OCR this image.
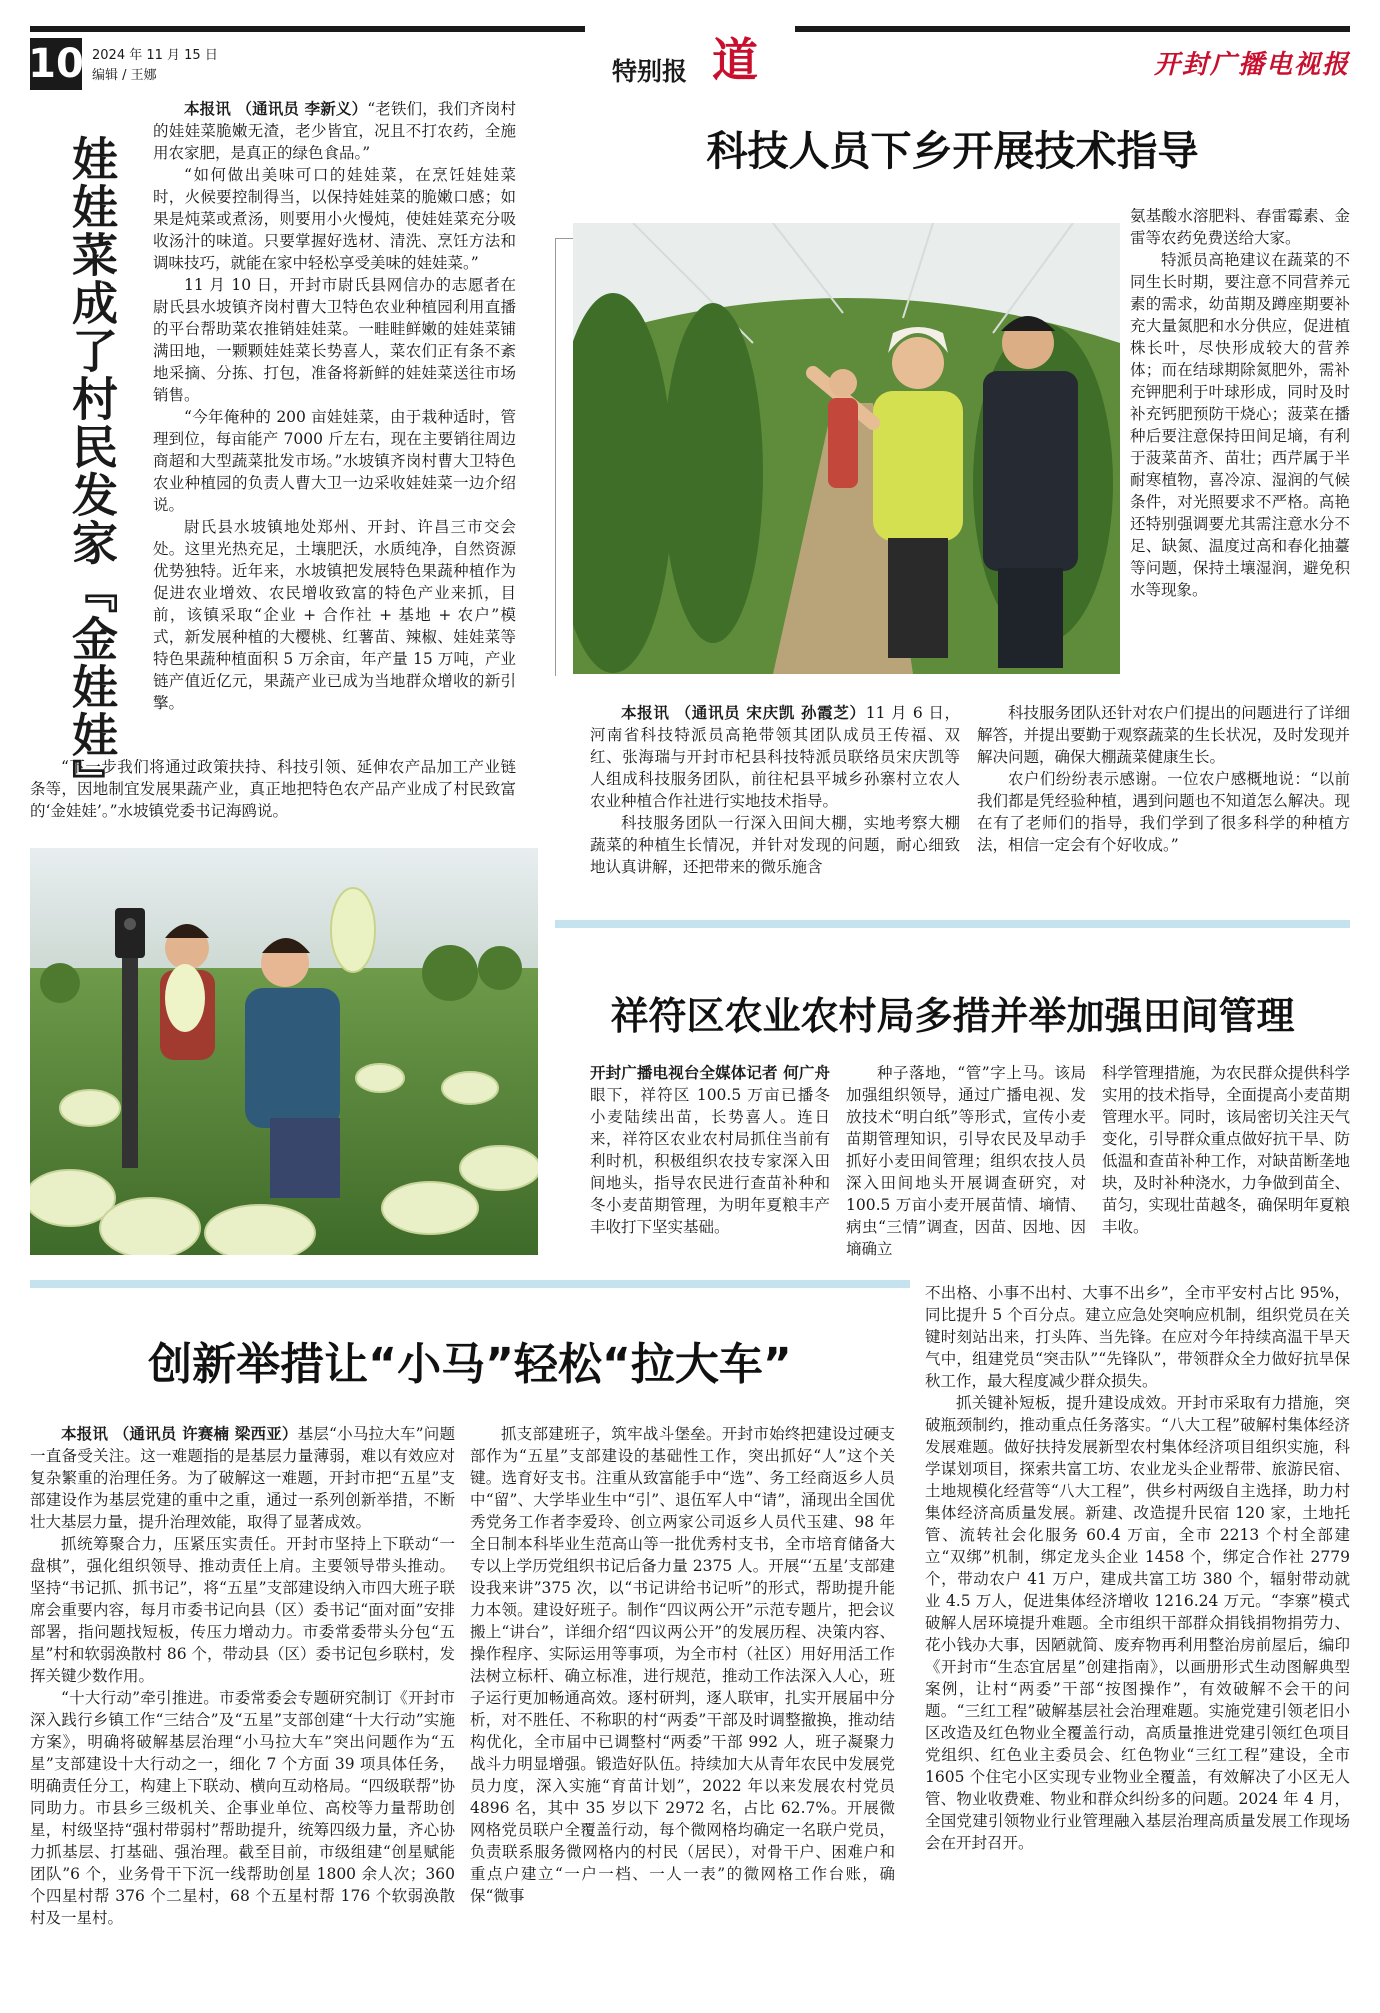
10 2024 年 11 月 15 日
编辑 / 王娜	特别报 道	开封广播电视报
娃娃菜成了村民发家『金娃娃』

本报讯 （通讯员 李新义）“老铁们，我们齐岗村的娃娃菜脆嫩无渣，老少皆宜，况且不打农药，全施用农家肥，是真正的绿色食品。”

“如何做出美味可口的娃娃菜，在烹饪娃娃菜时，火候要控制得当，以保持娃娃菜的脆嫩口感；如果是炖菜或煮汤，则要用小火慢炖，使娃娃菜充分吸收汤汁的味道。只要掌握好选材、清洗、烹饪方法和调味技巧，就能在家中轻松享受美味的娃娃菜。”

11 月 10 日，开封市尉氏县网信办的志愿者在尉氏县水坡镇齐岗村曹大卫特色农业种植园利用直播的平台帮助菜农推销娃娃菜。一畦畦鲜嫩的娃娃菜铺满田地，一颗颗娃娃菜长势喜人，菜农们正有条不紊地采摘、分拣、打包，准备将新鲜的娃娃菜送往市场销售。

“今年俺种的 200 亩娃娃菜，由于栽种适时，管理到位，每亩能产 7000 斤左右，现在主要销往周边商超和大型蔬菜批发市场。”水坡镇齐岗村曹大卫特色农业种植园的负责人曹大卫一边采收娃娃菜一边介绍说。

尉氏县水坡镇地处郑州、开封、许昌三市交会处。这里光热充足，土壤肥沃，水质纯净，自然资源优势独特。近年来，水坡镇把发展特色果蔬种植作为促进农业增效、农民增收致富的特色产业来抓，目前，该镇采取“企业 + 合作社 + 基地 + 农户”模式，新发展种植的大樱桃、红薯苗、辣椒、娃娃菜等特色果蔬种植面积 5 万余亩，年产量 15 万吨，产业链产值近亿元，果蔬产业已成为当地群众增收的新引擎。

“下一步我们将通过政策扶持、科技引领、延伸农产品加工产业链条等，因地制宜发展果蔬产业，真正地把特色农产品产业成了村民致富的‘金娃娃’。”水坡镇党委书记海鸥说。

科技人员下乡开展技术指导

氨基酸水溶肥料、春雷霉素、金雷等农药免费送给大家。

特派员高艳建议在蔬菜的不同生长时期，要注意不同营养元素的需求，幼苗期及蹲座期要补充大量氮肥和水分供应，促进植株长叶，尽快形成较大的营养体；而在结球期除氮肥外，需补充钾肥利于叶球形成，同时及时补充钙肥预防干烧心；菠菜在播种后要注意保持田间足墒，有利于菠菜苗齐、苗壮；西芹属于半耐寒植物，喜冷凉、湿润的气候条件，对光照要求不严格。高艳还特别强调要尤其需注意水分不足、缺氮、温度过高和春化抽薹等问题，保持土壤湿润，避免积水等现象。

本报讯 （通讯员 宋庆凯 孙霞芝）11 月 6 日，河南省科技特派员高艳带领其团队成员王传福、双红、张海瑞与开封市杞县科技特派员联络员宋庆凯等人组成科技服务团队，前往杞县平城乡孙寨村立农人农业种植合作社进行实地技术指导。

科技服务团队一行深入田间大棚，实地考察大棚蔬菜的种植生长情况，并针对发现的问题，耐心细致地认真讲解，还把带来的微乐施含

科技服务团队还针对农户们提出的问题进行了详细解答，并提出要勤于观察蔬菜的生长状况，及时发现并解决问题，确保大棚蔬菜健康生长。

农户们纷纷表示感谢。一位农户感概地说：“以前我们都是凭经验种植，遇到问题也不知道怎么解决。现在有了老师们的指导，我们学到了很多科学的种植方法，相信一定会有个好收成。”

祥符区农业农村局多措并举加强田间管理

开封广播电视台全媒体记者 何广舟 眼下，祥符区 100.5 万亩已播冬小麦陆续出苗，长势喜人。连日来，祥符区农业农村局抓住当前有利时机，积极组织农技专家深入田间地头，指导农民进行查苗补种和冬小麦苗期管理，为明年夏粮丰产丰收打下坚实基础。

种子落地，“管”字上马。该局加强组织领导，通过广播电视、发放技术“明白纸”等形式，宣传小麦苗期管理知识，引导农民及早动手抓好小麦田间管理；组织农技人员深入田间地头开展调查研究，对 100.5 万亩小麦开展苗情、墒情、病虫“三情”调查，因苗、因地、因墒确立

科学管理措施，为农民群众提供科学实用的技术指导，全面提高小麦苗期管理水平。同时，该局密切关注天气变化，引导群众重点做好抗干旱、防低温和查苗补种工作，对缺苗断垄地块，及时补种浇水，力争做到苗全、苗匀，实现壮苗越冬，确保明年夏粮丰收。

创新举措让“小马”轻松“拉大车”

本报讯 （通讯员 许赛楠 梁西亚）基层“小马拉大车”问题一直备受关注。这一难题指的是基层力量薄弱，难以有效应对复杂繁重的治理任务。为了破解这一难题，开封市把“五星”支部建设作为基层党建的重中之重，通过一系列创新举措，不断壮大基层力量，提升治理效能，取得了显著成效。

抓统筹聚合力，压紧压实责任。开封市坚持上下联动“一盘棋”，强化组织领导、推动责任上肩。主要领导带头推动。坚持“书记抓、抓书记”，将“五星”支部建设纳入市四大班子联席会重要内容，每月市委书记向县（区）委书记“面对面”安排部署，指问题找短板，传压力增动力。市委常委带头分包“五星”村和软弱涣散村 86 个，带动县（区）委书记包乡联村，发挥关键少数作用。

“十大行动”牵引推进。市委常委会专题研究制订《开封市深入践行乡镇工作“三结合”及“五星”支部创建“十大行动”实施方案》，明确将破解基层治理“小马拉大车”突出问题作为“五星”支部建设十大行动之一，细化 7 个方面 39 项具体任务，明确责任分工，构建上下联动、横向互动格局。“四级联帮”协同助力。市县乡三级机关、企事业单位、高校等力量帮助创星，村级坚持“强村带弱村”帮助提升，统筹四级力量，齐心协力抓基层、打基础、强治理。截至目前，市级组建“创星赋能团队”6 个，业务骨干下沉一线帮助创星 1800 余人次；360 个四星村帮 376 个二星村，68 个五星村帮 176 个软弱涣散村及一星村。

抓支部建班子，筑牢战斗堡垒。开封市始终把建设过硬支部作为“五星”支部建设的基础性工作，突出抓好“人”这个关键。选育好支书。注重从致富能手中“选”、务工经商返乡人员中“留”、大学毕业生中“引”、退伍军人中“请”，涌现出全国优秀党务工作者李爱玲、创立两家公司返乡人员代玉建、98 年全日制本科毕业生范高山等一批优秀村支书，全市培育储备大专以上学历党组织书记后备力量 2375 人。开展“‘五星’支部建设我来讲”375 次，以“书记讲给书记听”的形式，帮助提升能力本领。建设好班子。制作“四议两公开”示范专题片，把会议搬上“讲台”，详细介绍“四议两公开”的发展历程、决策内容、操作程序、实际运用等事项，为全市村（社区）用好用活工作法树立标杆、确立标准，进行规范，推动工作法深入人心，班子运行更加畅通高效。逐村研判，逐人联审，扎实开展届中分析，对不胜任、不称职的村“两委”干部及时调整撤换，推动结构优化，全市届中已调整村“两委”干部 992 人，班子凝聚力战斗力明显增强。锻造好队伍。持续加大从青年农民中发展党员力度，深入实施“育苗计划”，2022 年以来发展农村党员 4896 名，其中 35 岁以下 2972 名，占比 62.7%。开展微网格党员联户全覆盖行动，每个微网格均确定一名联户党员，负责联系服务微网格内的村民（居民），对骨干户、困难户和重点户建立“一户一档、一人一表”的微网格工作台账，确保“微事

不出格、小事不出村、大事不出乡”，全市平安村占比 95%，同比提升 5 个百分点。建立应急处突响应机制，组织党员在关键时刻站出来，打头阵、当先锋。在应对今年持续高温干旱天气中，组建党员“突击队”“先锋队”，带领群众全力做好抗旱保秋工作，最大程度减少群众损失。

抓关键补短板，提升建设成效。开封市采取有力措施，突破瓶颈制约，推动重点任务落实。“八大工程”破解村集体经济发展难题。做好扶持发展新型农村集体经济项目组织实施，科学谋划项目，探索共富工坊、农业龙头企业帮带、旅游民宿、土地规模化经营等“八大工程”，供乡村两级自主选择，助力村集体经济高质量发展。新建、改造提升民宿 120 家，土地托管、流转社会化服务 60.4 万亩，全市 2213 个村全部建立“双绑”机制，绑定龙头企业 1458 个，绑定合作社 2779 个，带动农户 41 万户，建成共富工坊 380 个，辐射带动就业 4.5 万人，促进集体经济增收 1216.24 万元。“李寨”模式破解人居环境提升难题。全市组织干部群众捐钱捐物捐劳力、花小钱办大事，因陋就简、废弃物再利用整治房前屋后，编印《开封市“生态宜居星”创建指南》，以画册形式生动图解典型案例，让村“两委”干部“按图操作”，有效破解不会干的问题。“三红工程”破解基层社会治理难题。实施党建引领老旧小区改造及红色物业全覆盖行动，高质量推进党建引领红色项目党组织、红色业主委员会、红色物业“三红工程”建设，全市 1605 个住宅小区实现专业物业全覆盖，有效解决了小区无人管、物业收费难、物业和群众纠纷多的问题。2024 年 4 月，全国党建引领物业行业管理融入基层治理高质量发展工作现场会在开封召开。
